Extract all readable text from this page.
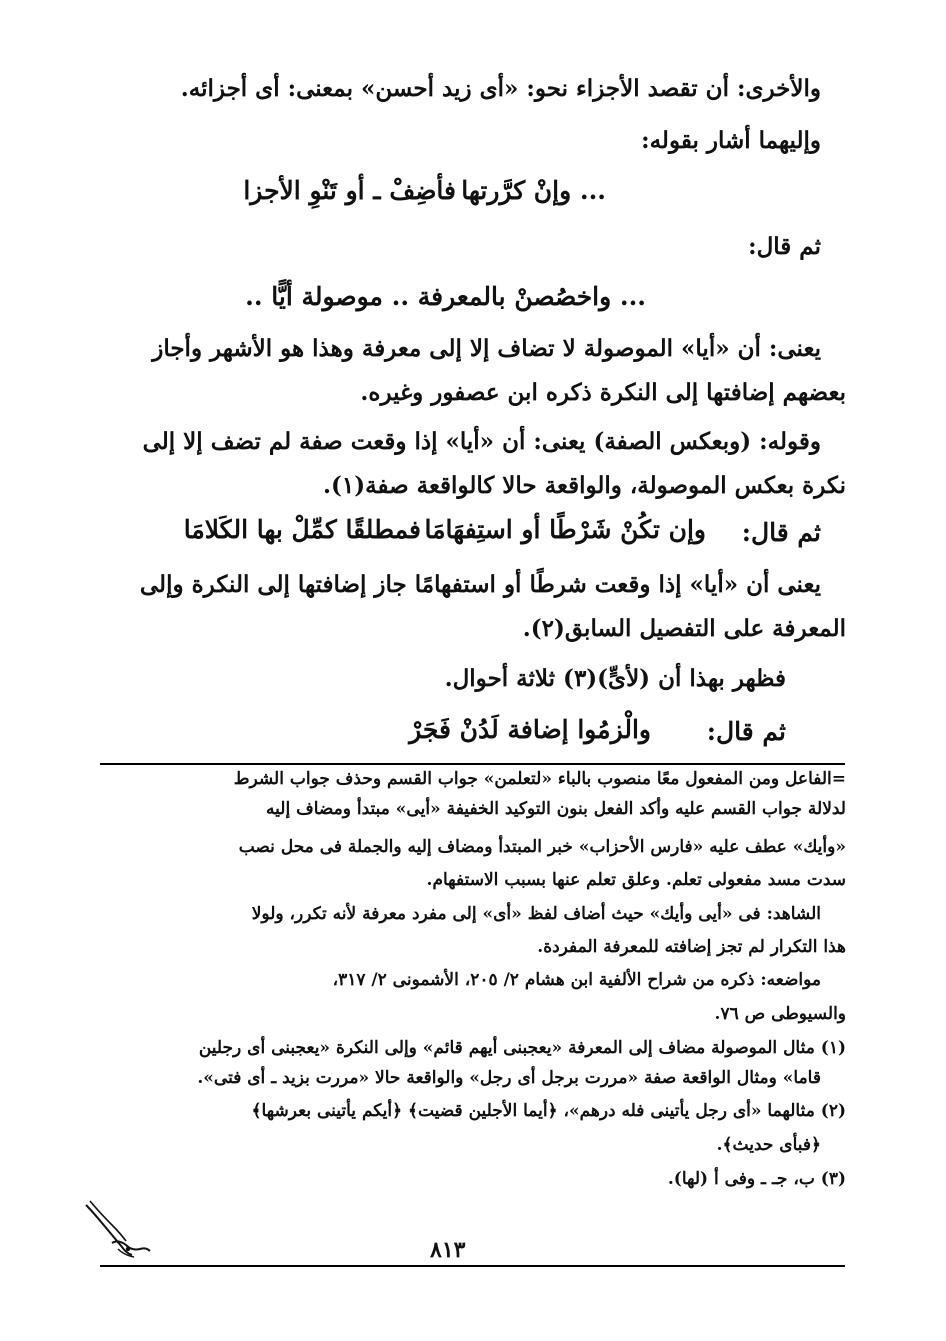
والأخرى: أن تقصد الأجزاء نحو: «أى زيد أحسن» بمعنى: أى أجزائه.
وإليهما أشار بقوله:
... وإنْ كرَّرتها
فأضِفْ ـ أو تَنْوِ الأجزا
ثم قال:
... واخصُصنْ بالمعرفة .. موصولة أيًّا ..
يعنى: أن «أيا» الموصولة لا تضاف إلا إلى معرفة وهذا هو الأشهر وأجاز
بعضهم إضافتها إلى النكرة ذكره ابن عصفور وغيره.
وقوله: (وبعكس الصفة) يعنى: أن «أيا» إذا وقعت صفة لم تضف إلا إلى
نكرة بعكس الموصولة، والواقعة حالا كالواقعة صفة(١).
ثم قال:
وإن تكُنْ شَرْطًا أو استِفهَامَا
فمطلقًا كمِّلْ بها الكَلامَا
يعنى أن «أيا» إذا وقعت شرطًا أو استفهامًا جاز إضافتها إلى النكرة وإلى
المعرفة على التفصيل السابق(٢).
فظهر بهذا أن (لأىٍّ)(٣) ثلاثة أحوال.
ثم قال:
والْزمُوا إضافة لَدُنْ فَجَرْ
=الفاعل ومن المفعول معًا منصوب بالباء «لتعلمن» جواب القسم وحذف جواب الشرط
لدلالة جواب القسم عليه وأكد الفعل بنون التوكيد الخفيفة «أيى» مبتدأ ومضاف إليه
«وأيك» عطف عليه «فارس الأحزاب» خبر المبتدأ ومضاف إليه والجملة فى محل نصب
سدت مسد مفعولى تعلم. وعلق تعلم عنها بسبب الاستفهام.
الشاهد: فى «أيى وأيك» حيث أضاف لفظ «أى» إلى مفرد معرفة لأنه تكرر، ولولا
هذا التكرار لم تجز إضافته للمعرفة المفردة.
مواضعه: ذكره من شراح الألفية ابن هشام ٢/ ٢٠٥، الأشمونى ٢/ ٣١٧،
والسيوطى ص ٧٦.
(١) مثال الموصولة مضاف إلى المعرفة «يعجبنى أيهم قائم» وإلى النكرة «يعجبنى أى رجلين
قاما» ومثال الواقعة صفة «مررت برجل أى رجل» والواقعة حالا «مررت بزيد ـ أى فتى».
(٢) مثالهما «أى رجل يأتينى فله درهم»، ﴿أيما الأجلين قضيت﴾ ﴿أيكم يأتينى بعرشها﴾
﴿فبأى حديث﴾.
(٣) ب، جـ ـ وفى أ (لها).
٨١٣
